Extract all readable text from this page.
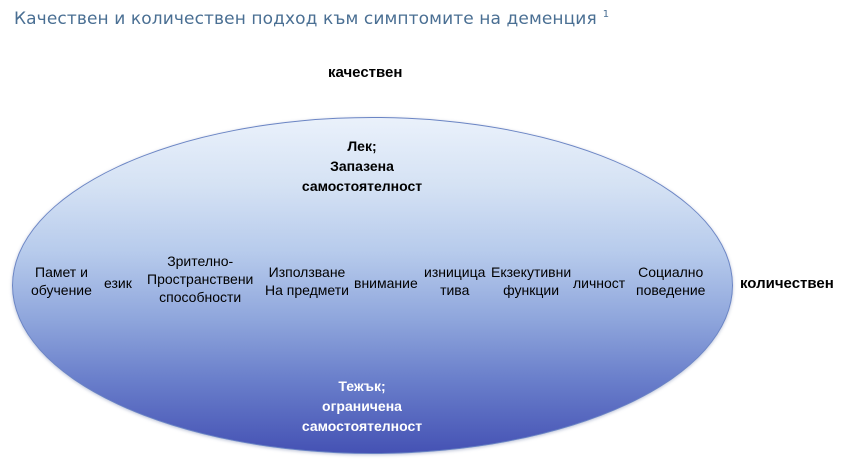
Качествен и количествен подход към симптомите на деменция $^1$
качествен
количествен
Лек;
Запазена
самостоятелност
Памет и
обучение език
Зрително-
Пространствени
способности
Използване
На предмети внимание
изницица
тива
Екзекутивни
функции личност
Социално
поведение
Тежък;
ограничена
самостоятелност
